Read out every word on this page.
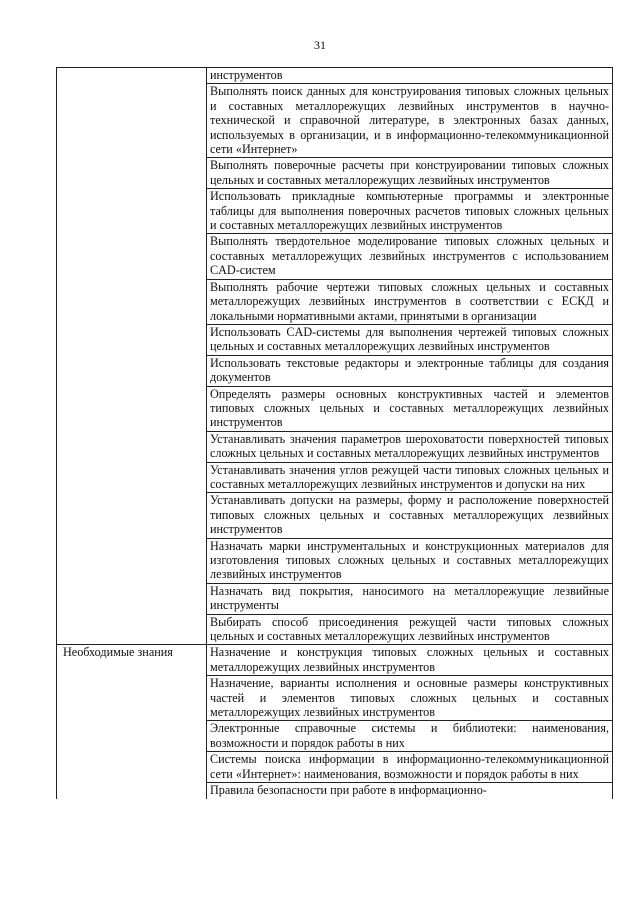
31
	инструментов
	Выполнять поиск данных для конструирования типовых сложных цельных и составных металлорежущих лезвийных инструментов в научно-технической и справочной литературе, в электронных базах данных, используемых в организации, и в информационно-телекоммуникационной сети «Интернет»
	Выполнять поверочные расчеты при конструировании типовых сложных цельных и составных металлорежущих лезвийных инструментов
	Использовать прикладные компьютерные программы и электронные таблицы для выполнения поверочных расчетов типовых сложных цельных и составных металлорежущих лезвийных инструментов
	Выполнять твердотельное моделирование типовых сложных цельных и составных металлорежущих лезвийных инструментов с использованием CAD-систем
	Выполнять рабочие чертежи типовых сложных цельных и составных металлорежущих лезвийных инструментов в соответствии с ЕСКД и локальными нормативными актами, принятыми в организации
	Использовать CAD-системы для выполнения чертежей типовых сложных цельных и составных металлорежущих лезвийных инструментов
	Использовать текстовые редакторы и электронные таблицы для создания документов
	Определять размеры основных конструктивных частей и элементов типовых сложных цельных и составных металлорежущих лезвийных инструментов
	Устанавливать значения параметров шероховатости поверхностей типовых сложных цельных и составных металлорежущих лезвийных инструментов
	Устанавливать значения углов режущей части типовых сложных цельных и составных металлорежущих лезвийных инструментов и допуски на них
	Устанавливать допуски на размеры, форму и расположение поверхностей типовых сложных цельных и составных металлорежущих лезвийных инструментов
	Назначать марки инструментальных и конструкционных материалов для изготовления типовых сложных цельных и составных металлорежущих лезвийных инструментов
	Назначать вид покрытия, наносимого на металлорежущие лезвийные инструменты
	Выбирать способ присоединения режущей части типовых сложных цельных и составных металлорежущих лезвийных инструментов
Необходимые знания	Назначение и конструкция типовых сложных цельных и составных металлорежущих лезвийных инструментов
	Назначение, варианты исполнения и основные размеры конструктивных частей и элементов типовых сложных цельных и составных металлорежущих лезвийных инструментов
	Электронные справочные системы и библиотеки: наименования, возможности и порядок работы в них
	Системы поиска информации в информационно-телекоммуникационной сети «Интернет»: наименования, возможности и порядок работы в них
	Правила безопасности при работе в информационно-
